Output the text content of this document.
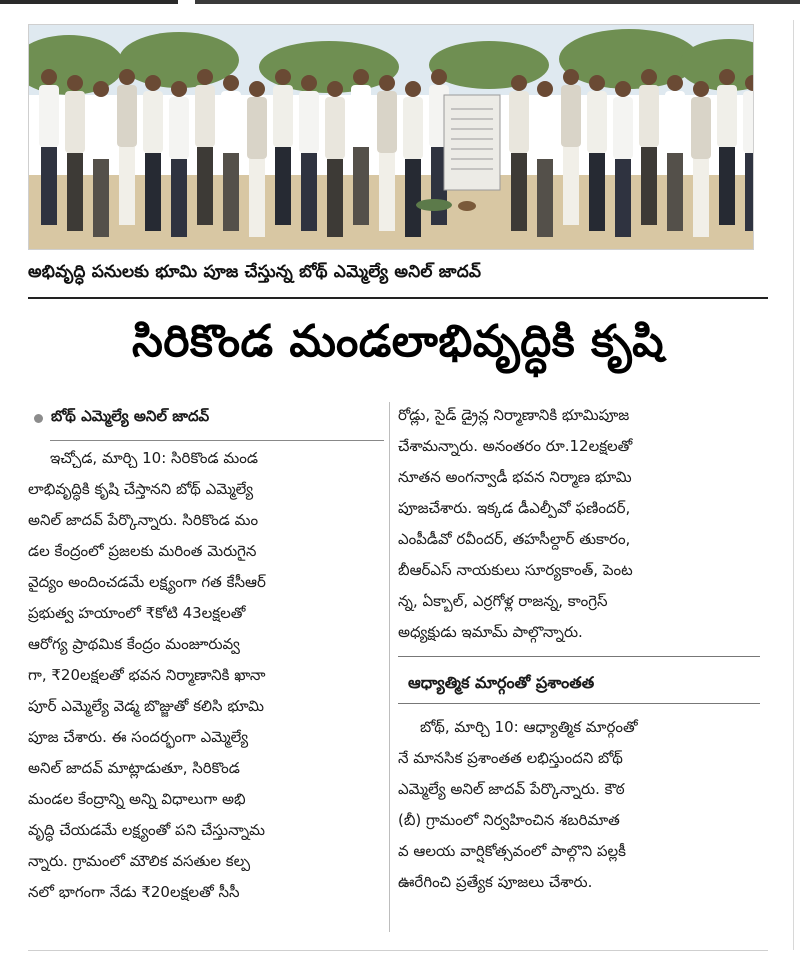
అభివృద్ధి పనులకు భూమి పూజ చేస్తున్న బోథ్ ఎమ్మెల్యే అనిల్ జాదవ్
సిరికొండ మండలాభివృద్ధికి కృషి
బోథ్ ఎమ్మెల్యే అనిల్ జాదవ్
ఇచ్చోడ, మార్చి 10: సిరికొండ మండ
లాభివృద్ధికి కృషి చేస్తానని బోథ్ ఎమ్మెల్యే
అనిల్ జాదవ్ పేర్కొన్నారు. సిరికొండ మం
డల కేంద్రంలో ప్రజలకు మరింత మెరుగైన
వైద్యం అందించడమే లక్ష్యంగా గత కేసీఆర్
ప్రభుత్వ హయాంలో ₹కోటి 43లక్షలతో
ఆరోగ్య ప్రాథమిక కేంద్రం మంజూరువ్వ
గా, ₹20లక్షలతో భవన నిర్మాణానికి ఖానా
పూర్ ఎమ్మెల్యే వెడ్మ బొజ్జుతో కలిసి భూమి
పూజ చేశారు. ఈ సందర్భంగా ఎమ్మెల్యే
అనిల్ జాదవ్ మాట్లాడుతూ, సిరికొండ
మండల కేంద్రాన్ని అన్ని విధాలుగా అభి
వృద్ధి చేయడమే లక్ష్యంతో పని చేస్తున్నామ
న్నారు. గ్రామంలో మౌలిక వసతుల కల్ప
నలో భాగంగా నేడు ₹20లక్షలతో సీసీ
రోడ్లు, సైడ్ డ్రైన్ల నిర్మాణానికి భూమిపూజ
చేశామన్నారు. అనంతరం రూ.12లక్షలతో
నూతన అంగన్వాడీ భవన నిర్మాణ భూమి
పూజచేశారు. ఇక్కడ డీఎల్పీవో ఫణిందర్,
ఎంపీడీవో రవీందర్, తహసీల్దార్ తుకారం,
బీఆర్ఎస్ నాయకులు సూర్యకాంత్, పెంట
న్న, ఏక్బాల్, ఎర్రగోళ్ల రాజన్న, కాంగ్రెస్
అధ్యక్షుడు ఇమామ్ పాల్గొన్నారు.
ఆధ్యాత్మిక మార్గంతో ప్రశాంతత
బోథ్, మార్చి 10: ఆధ్యాత్మిక మార్గంతో
నే మానసిక ప్రశాంతత లభిస్తుందని బోథ్
ఎమ్మెల్యే అనిల్ జాదవ్ పేర్కొన్నారు. కౌఠ
(బీ) గ్రామంలో నిర్వహించిన శబరిమాత
వ ఆలయ వార్షికోత్సవంలో పాల్గొని పల్లకీ
ఊరేగించి ప్రత్యేక పూజలు చేశారు.
